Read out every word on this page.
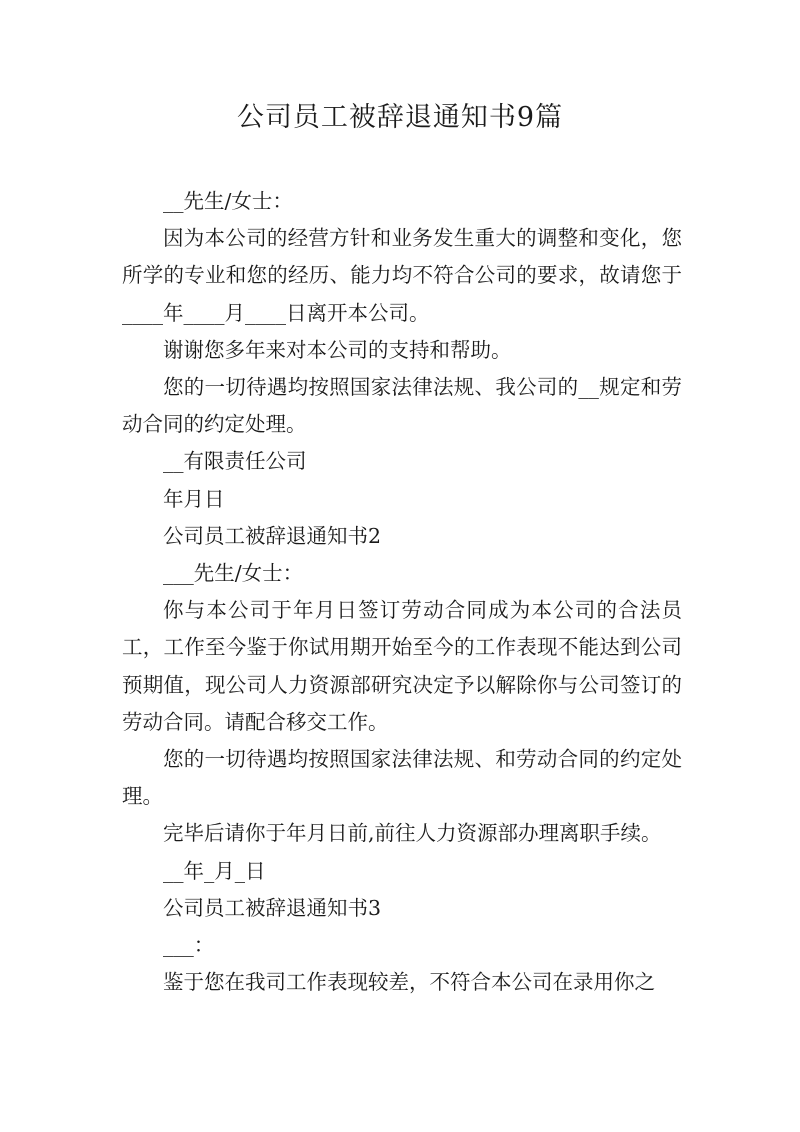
公司员工被辞退通知书9篇

__先生/女士：

因为本公司的经营方针和业务发生重大的调整和变化，您所学的专业和您的经历、能力均不符合公司的要求，故请您于____年____月____日离开本公司。

谢谢您多年来对本公司的支持和帮助。

您的一切待遇均按照国家法律法规、我公司的__规定和劳动合同的约定处理。

__有限责任公司

年月日

公司员工被辞退通知书2

___先生/女士：

你与本公司于年月日签订劳动合同成为本公司的合法员工，工作至今鉴于你试用期开始至今的工作表现不能达到公司预期值，现公司人力资源部研究决定予以解除你与公司签订的劳动合同。请配合移交工作。

您的一切待遇均按照国家法律法规、和劳动合同的约定处理。

完毕后请你于年月日前,前往人力资源部办理离职手续。

__年_月_日

公司员工被辞退通知书3

___：

鉴于您在我司工作表现较差，不符合本公司在录用你之
